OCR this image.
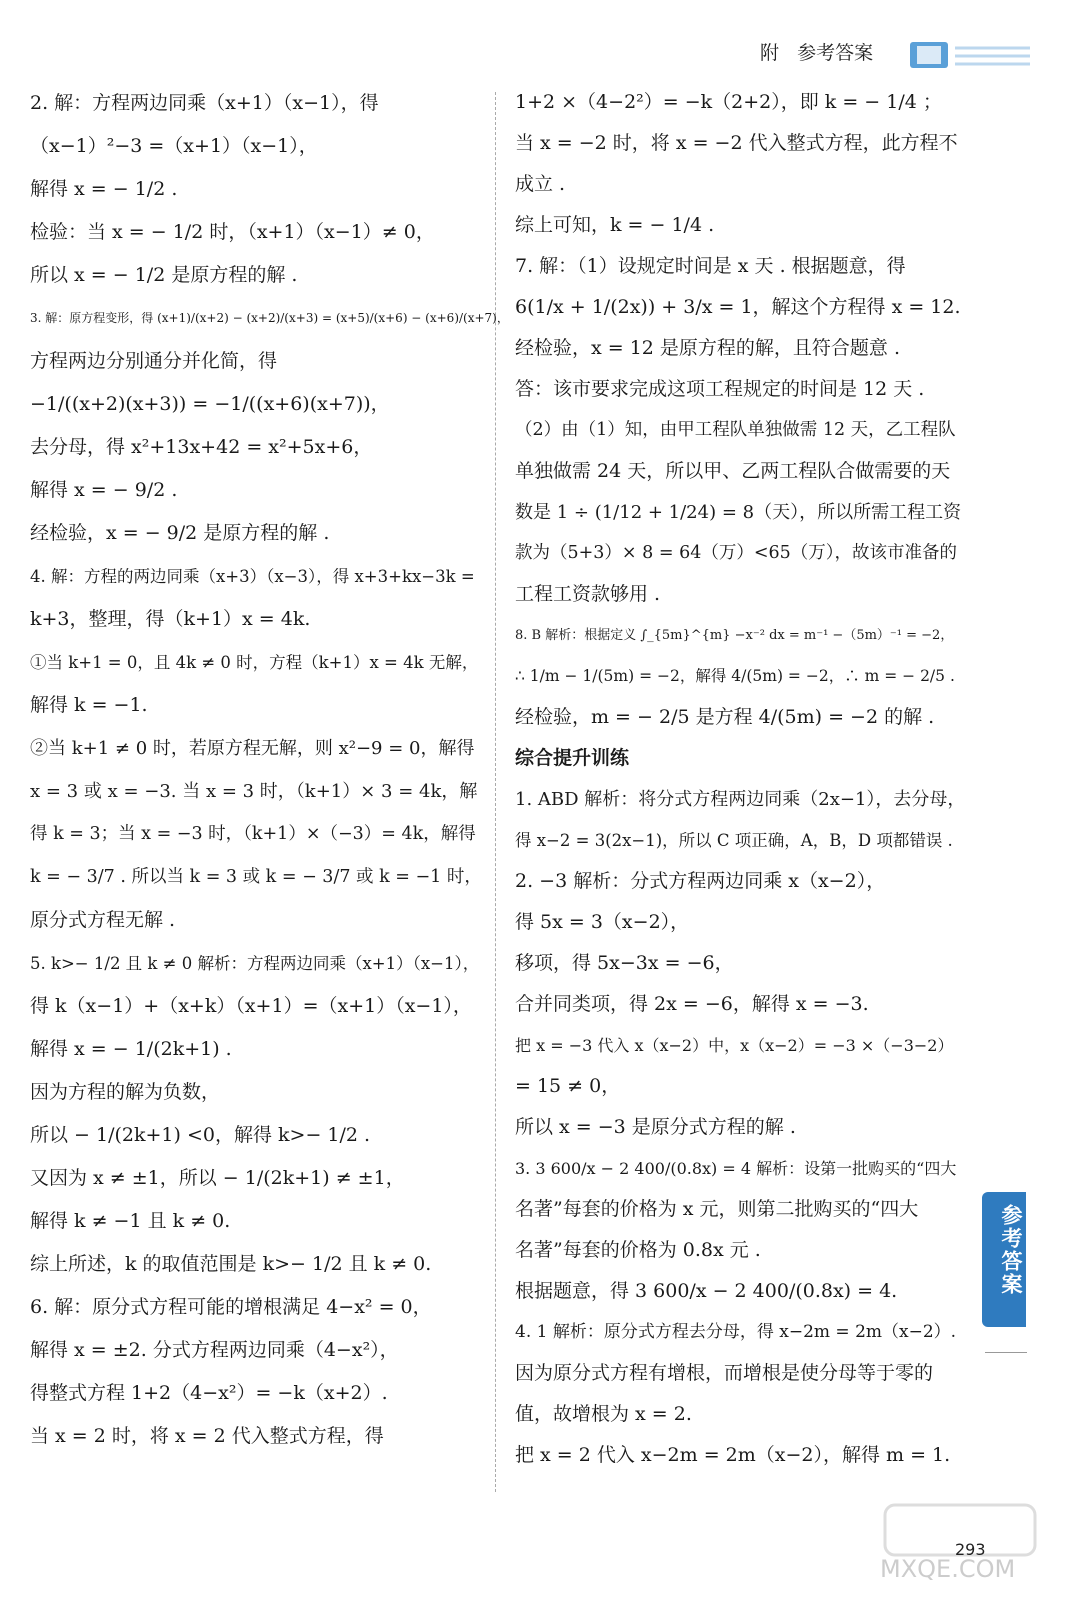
附 参考答案
2. 解：方程两边同乘（x+1）（x−1），得
（x−1）²−3 =（x+1）（x−1），
解得 x = − 1/2 .
检验：当 x = − 1/2 时，（x+1）（x−1）≠ 0，
所以 x = − 1/2 是原方程的解 .
3. 解：原方程变形，得 (x+1)/(x+2) − (x+2)/(x+3) = (x+5)/(x+6) − (x+6)/(x+7)，
方程两边分别通分并化简，得
−1/((x+2)(x+3)) = −1/((x+6)(x+7))，
去分母，得 x²+13x+42 = x²+5x+6，
解得 x = − 9/2 .
经检验，x = − 9/2 是原方程的解 .
4. 解：方程的两边同乘（x+3）（x−3），得 x+3+kx−3k =
k+3，整理，得（k+1）x = 4k.
①当 k+1 = 0，且 4k ≠ 0 时，方程（k+1）x = 4k 无解，
解得 k = −1.
②当 k+1 ≠ 0 时，若原方程无解，则 x²−9 = 0，解得
x = 3 或 x = −3. 当 x = 3 时，（k+1）× 3 = 4k，解
得 k = 3；当 x = −3 时，（k+1）×（−3）= 4k，解得
k = − 3/7 . 所以当 k = 3 或 k = − 3/7 或 k = −1 时，
原分式方程无解 .
5. k>− 1/2 且 k ≠ 0 解析：方程两边同乘（x+1）（x−1），
得 k（x−1）+（x+k）（x+1）=（x+1）（x−1），
解得 x = − 1/(2k+1) .
因为方程的解为负数，
所以 − 1/(2k+1) <0，解得 k>− 1/2 .
又因为 x ≠ ±1，所以 − 1/(2k+1) ≠ ±1，
解得 k ≠ −1 且 k ≠ 0.
综上所述，k 的取值范围是 k>− 1/2 且 k ≠ 0.
6. 解：原分式方程可能的增根满足 4−x² = 0，
解得 x = ±2. 分式方程两边同乘（4−x²），
得整式方程 1+2（4−x²）= −k（x+2）.
当 x = 2 时，将 x = 2 代入整式方程，得
1+2 ×（4−2²）= −k（2+2），即 k = − 1/4 ；
当 x = −2 时，将 x = −2 代入整式方程，此方程不
成立 .
综上可知，k = − 1/4 .
7. 解：（1）设规定时间是 x 天 . 根据题意，得
6(1/x + 1/(2x)) + 3/x = 1，解这个方程得 x = 12.
经检验，x = 12 是原方程的解，且符合题意 .
答：该市要求完成这项工程规定的时间是 12 天 .
（2）由（1）知，由甲工程队单独做需 12 天，乙工程队
单独做需 24 天，所以甲、乙两工程队合做需要的天
数是 1 ÷ (1/12 + 1/24) = 8（天），所以所需工程工资
款为（5+3）× 8 = 64（万）<65（万），故该市准备的
工程工资款够用 .
8. B 解析：根据定义 ∫_{5m}^{m} −x⁻² dx = m⁻¹ −（5m）⁻¹ = −2，
∴ 1/m − 1/(5m) = −2，解得 4/(5m) = −2，∴ m = − 2/5 .
经检验，m = − 2/5 是方程 4/(5m) = −2 的解 .
综合提升训练
1. ABD 解析：将分式方程两边同乘（2x−1），去分母，
得 x−2 = 3(2x−1)，所以 C 项正确，A，B，D 项都错误 .
2. −3 解析：分式方程两边同乘 x（x−2），
得 5x = 3（x−2），
移项，得 5x−3x = −6，
合并同类项，得 2x = −6，解得 x = −3.
把 x = −3 代入 x（x−2）中，x（x−2）= −3 ×（−3−2）
= 15 ≠ 0，
所以 x = −3 是原分式方程的解 .
3. 3 600/x − 2 400/(0.8x) = 4 解析：设第一批购买的“四大
名著”每套的价格为 x 元，则第二批购买的“四大
名著”每套的价格为 0.8x 元 .
根据题意，得 3 600/x − 2 400/(0.8x) = 4.
4. 1 解析：原分式方程去分母，得 x−2m = 2m（x−2）.
因为原分式方程有增根，而增根是使分母等于零的
值，故增根为 x = 2.
把 x = 2 代入 x−2m = 2m（x−2），解得 m = 1.
参考答案
MXQE.COM
293
